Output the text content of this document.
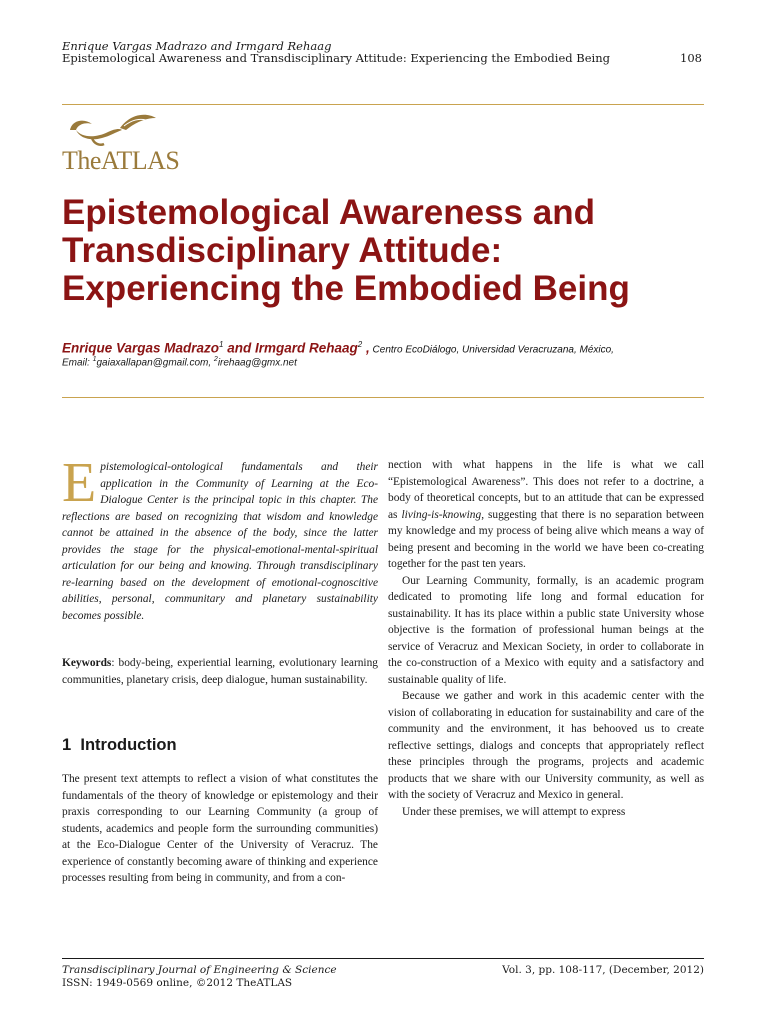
Enrique Vargas Madrazo and Irmgard Rehaag
Epistemological Awareness and Transdisciplinary Attitude: Experiencing the Embodied Being	108
TheATLAS
Epistemological Awareness and
Transdisciplinary Attitude:
Experiencing the Embodied Being
Enrique Vargas Madrazo$^1$ and Irmgard Rehaag$^2$ , Centro EcoDiálogo, Universidad Veracruzana, México,
Email: $^1$gaiaxallapan@gmail.com, $^2$irehaag@gmx.net
Epistemological-ontological fundamentals and their application in the Community of Learning at the Eco-Dialogue Center is the principal topic in this chapter. The reflections are based on recognizing that wisdom and knowledge cannot be attained in the absence of the body, since the latter provides the stage for the physical-emotional-mental-spiritual articulation for our being and knowing. Through transdisciplinary re-learning based on the development of emotional-cognoscitive abilities, personal, communitary and planetary sustainability becomes possible.
Keywords: body-being, experiential learning, evolutionary learning communities, planetary crisis, deep dialogue, human sustainability.
1 Introduction

The present text attempts to reflect a vision of what constitutes the fundamentals of the theory of knowledge or epistemology and their praxis corresponding to our Learning Community (a group of students, academics and people form the surrounding communities) at the Eco-Dialogue Center of the University of Veracruz. The experience of constantly becoming aware of thinking and experience processes resulting from being in community, and from a con-

nection with what happens in the life is what we call “Epistemological Awareness”. This does not refer to a doctrine, a body of theoretical concepts, but to an attitude that can be expressed as living-is-knowing, suggesting that there is no separation between my knowledge and my process of being alive which means a way of being present and becoming in the world we have been co-creating together for the past ten years.

Our Learning Community, formally, is an academic program dedicated to promoting life long and formal education for sustainability. It has its place within a public state University whose objective is the formation of professional human beings at the service of Veracruz and Mexican Society, in order to collaborate in the co-construction of a Mexico with equity and a satisfactory and sustainable quality of life.

Because we gather and work in this academic center with the vision of collaborating in education for sustainability and care of the community and the environment, it has behooved us to create reflective settings, dialogs and concepts that appropriately reflect these principles through the programs, projects and academic products that we share with our University community, as well as with the society of Veracruz and Mexico in general.

Under these premises, we will attempt to express

Transdisciplinary Journal of Engineering & Science
ISSN: 1949-0569 online, ©2012 TheATLAS
Vol. 3, pp. 108-117, (December, 2012)
